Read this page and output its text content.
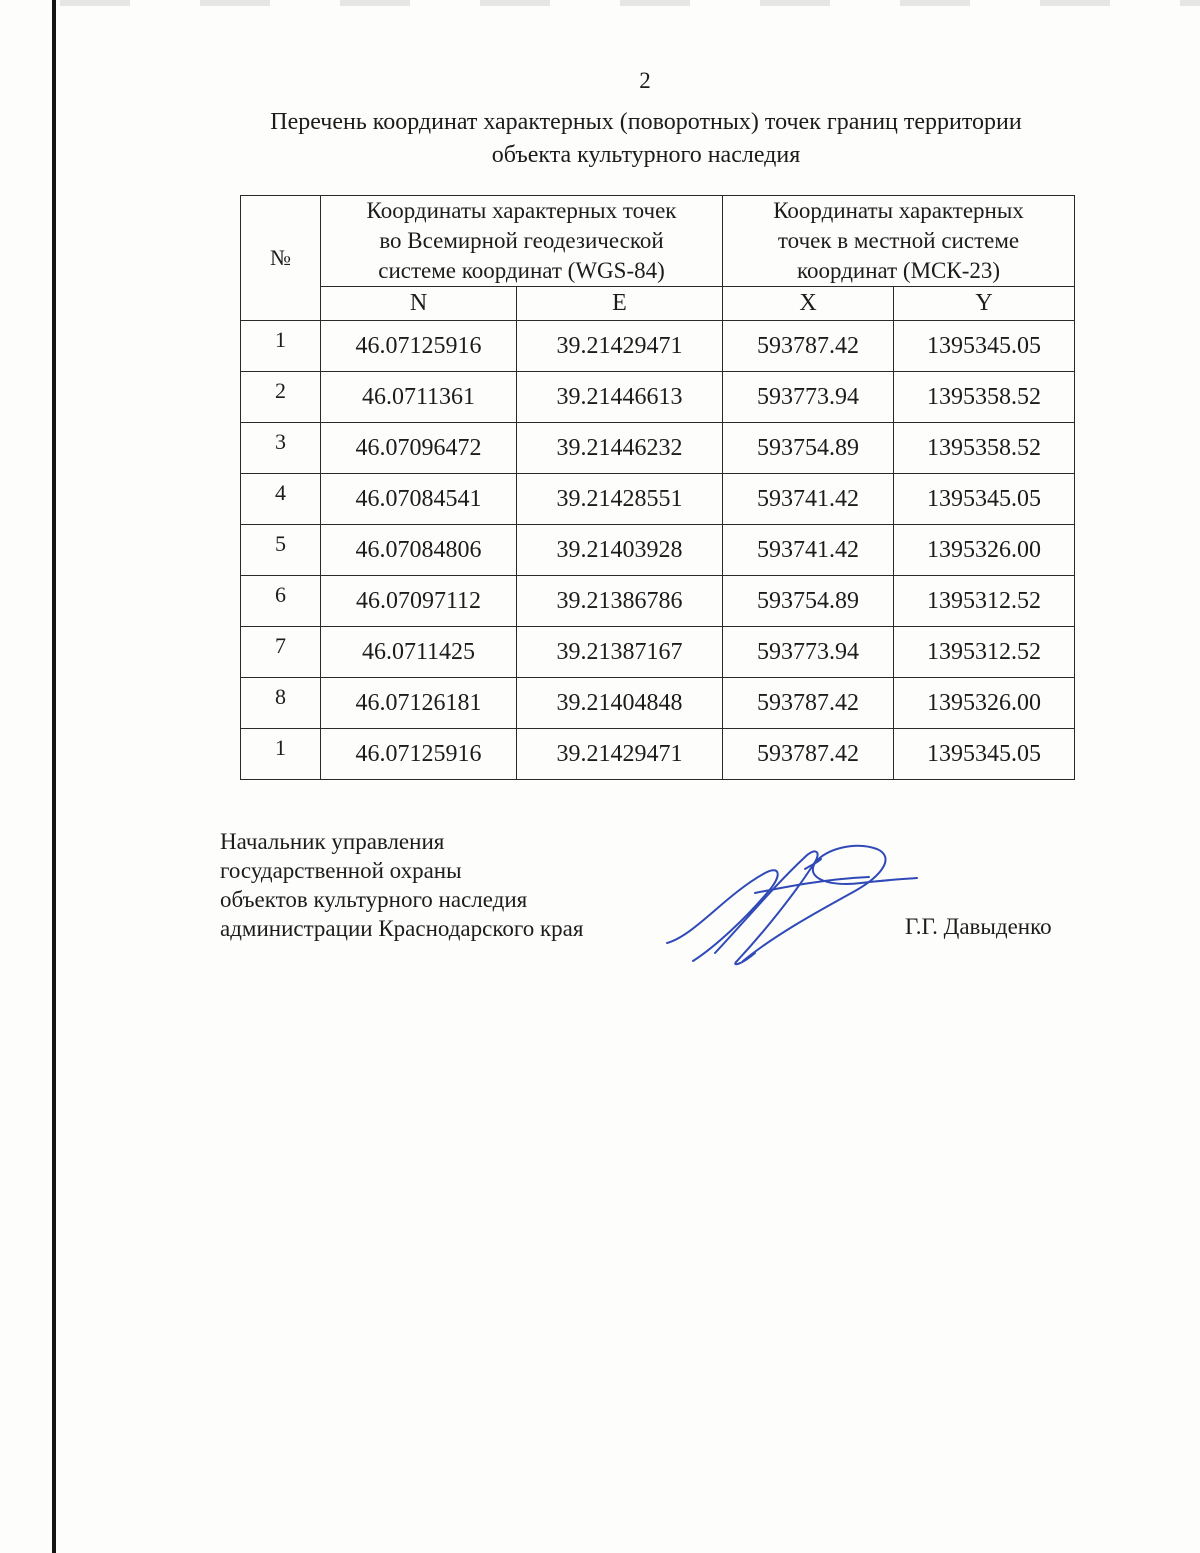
2
Перечень координат характерных (поворотных) точек границ территории
объекта культурного наследия
№	Координаты характерных точек
во Всемирной геодезической
системе координат (WGS-84)		Координаты характерных
точек в местной системе
координат (МСК-23)	

	N	E	X	Y
1	46.07125916	39.21429471	593787.42	1395345.05
2	46.0711361	39.21446613	593773.94	1395358.52
3	46.07096472	39.21446232	593754.89	1395358.52
4	46.07084541	39.21428551	593741.42	1395345.05
5	46.07084806	39.21403928	593741.42	1395326.00
6	46.07097112	39.21386786	593754.89	1395312.52
7	46.0711425	39.21387167	593773.94	1395312.52
8	46.07126181	39.21404848	593787.42	1395326.00
1	46.07125916	39.21429471	593787.42	1395345.05
Начальник управления
государственной охраны
объектов культурного наследия
администрации Краснодарского края	Г.Г. Давыденко
